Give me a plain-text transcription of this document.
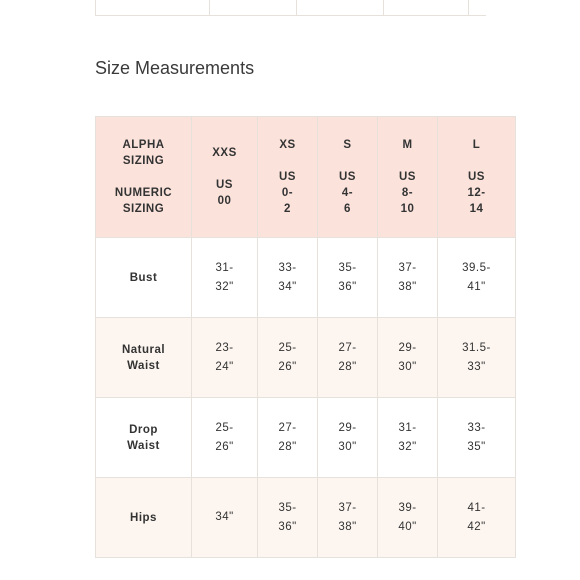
Size Measurements
ALPHA
SIZING
NUMERIC
SIZING	XXS
US
00	XS
US
0-
2	S
US
4-
6	M
US
8-
10	L
US
12-
14

Bust	31-
32"	33-
34"	35-
36"	37-
38"	39.5-
41"

Natural
Waist	23-
24"	25-
26"	27-
28"	29-
30"	31.5-
33"

Drop
Waist	25-
26"	27-
28"	29-
30"	31-
32"	33-
35"

Hips	34"	35-
36"	37-
38"	39-
40"	41-
42"
